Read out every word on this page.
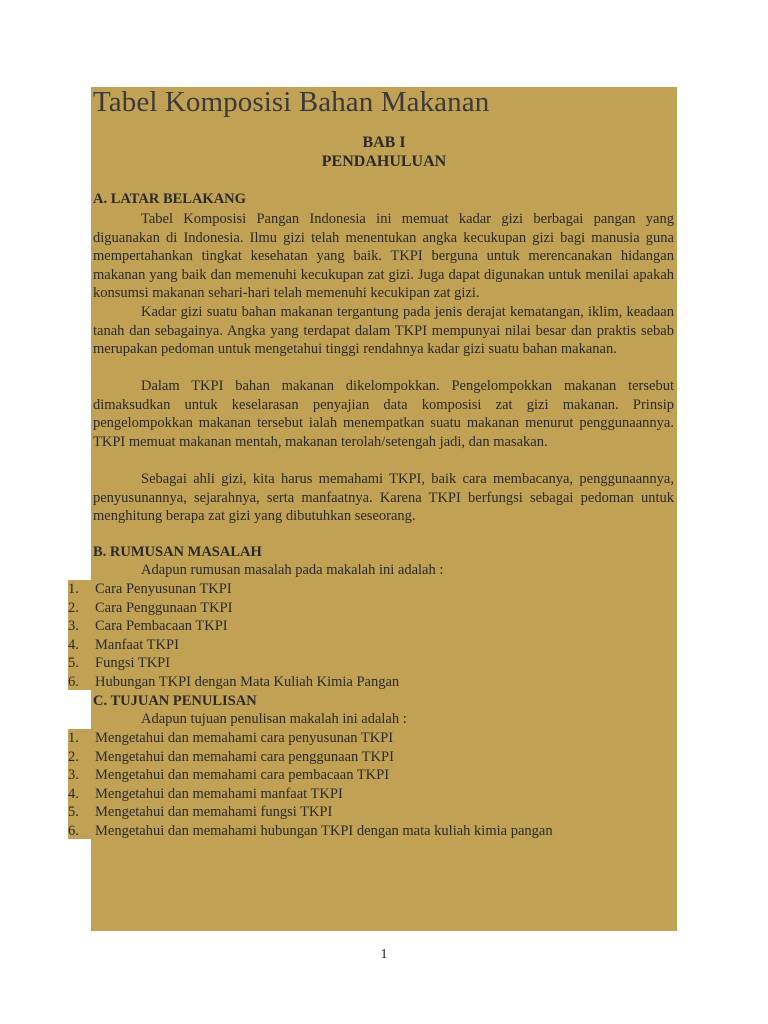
Tabel Komposisi Bahan Makanan

BAB I

PENDAHULUAN

A. LATAR BELAKANG

Tabel Komposisi Pangan Indonesia ini memuat kadar gizi berbagai pangan yang diguanakan di Indonesia. Ilmu gizi telah menentukan angka kecukupan gizi bagi manusia guna mempertahankan tingkat kesehatan yang baik. TKPI berguna untuk merencanakan hidangan makanan yang baik dan memenuhi kecukupan zat gizi. Juga dapat digunakan untuk menilai apakah konsumsi makanan sehari-hari telah memenuhi kecukipan zat gizi.

Kadar gizi suatu bahan makanan tergantung pada jenis derajat kematangan, iklim, keadaan tanah dan sebagainya. Angka yang terdapat dalam TKPI mempunyai nilai besar dan praktis sebab merupakan pedoman untuk mengetahui tinggi rendahnya kadar gizi suatu bahan makanan.

Dalam TKPI bahan makanan dikelompokkan. Pengelompokkan makanan tersebut dimaksudkan untuk keselarasan penyajian data komposisi zat gizi makanan. Prinsip pengelompokkan makanan tersebut ialah menempatkan suatu makanan menurut penggunaannya. TKPI memuat makanan mentah, makanan terolah/setengah jadi, dan masakan.

Sebagai ahli gizi, kita harus memahami TKPI, baik cara membacanya, penggunaannya, penyusunannya, sejarahnya, serta manfaatnya. Karena TKPI berfungsi sebagai pedoman untuk menghitung berapa zat gizi yang dibutuhkan seseorang.

B. RUMUSAN MASALAH

Adapun rumusan masalah pada makalah ini adalah :

1.	Cara Penyusunan TKPI
2.	Cara Penggunaan TKPI
3.	Cara Pembacaan TKPI
4.	Manfaat TKPI
5.	Fungsi TKPI
6.	Hubungan TKPI dengan Mata Kuliah Kimia Pangan

C. TUJUAN PENULISAN

Adapun tujuan penulisan makalah ini adalah :

1.	Mengetahui dan memahami cara penyusunan TKPI
2.	Mengetahui dan memahami cara penggunaan TKPI
3.	Mengetahui dan memahami cara pembacaan TKPI
4.	Mengetahui dan memahami manfaat TKPI
5.	Mengetahui dan memahami fungsi TKPI
6.	Mengetahui dan memahami hubungan TKPI dengan mata kuliah kimia pangan

1
